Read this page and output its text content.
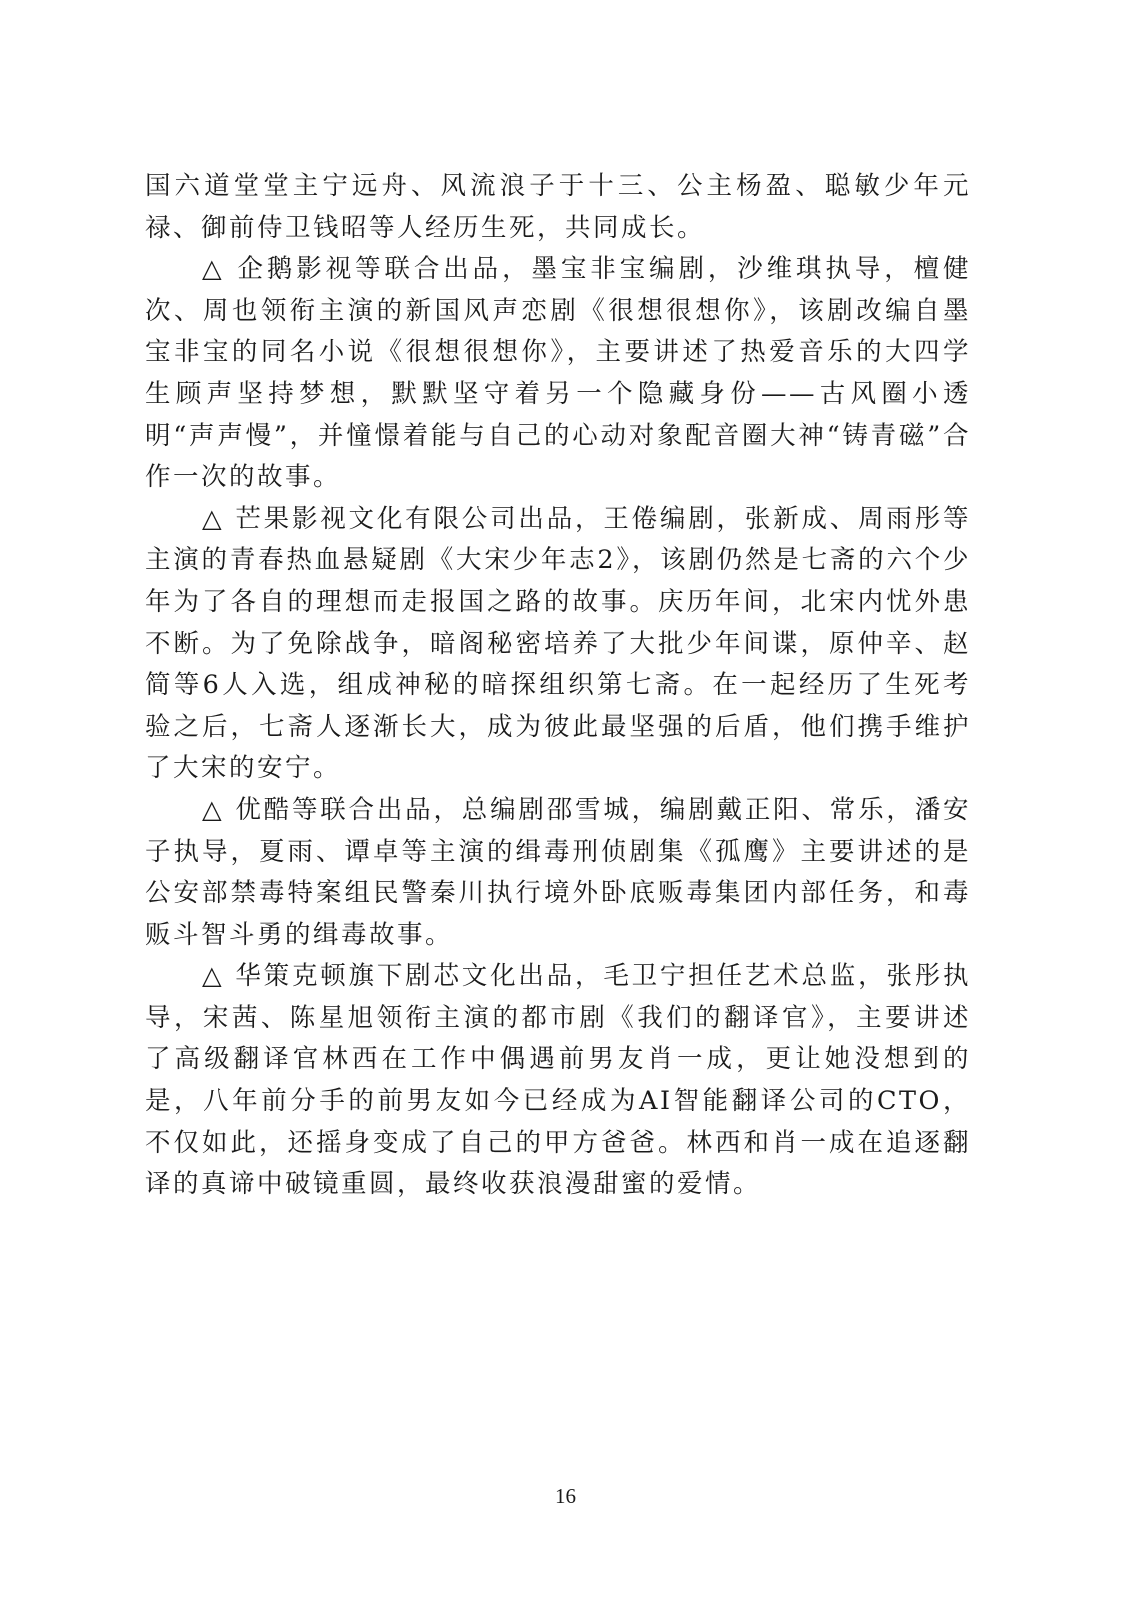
国六道堂堂主宁远舟、风流浪子于十三、公主杨盈、聪敏少年元禄、御前侍卫钱昭等人经历生死，共同成长。

△ 企鹅影视等联合出品，墨宝非宝编剧，沙维琪执导，檀健次、周也领衔主演的新国风声恋剧《很想很想你》，该剧改编自墨宝非宝的同名小说《很想很想你》，主要讲述了热爱音乐的大四学生顾声坚持梦想，默默坚守着另一个隐藏身份——古风圈小透明“声声慢”，并憧憬着能与自己的心动对象配音圈大神“铸青磁”合作一次的故事。

△ 芒果影视文化有限公司出品，王倦编剧，张新成、周雨彤等主演的青春热血悬疑剧《大宋少年志2》，该剧仍然是七斋的六个少年为了各自的理想而走报国之路的故事。庆历年间，北宋内忧外患不断。为了免除战争，暗阁秘密培养了大批少年间谍，原仲辛、赵简等6人入选，组成神秘的暗探组织第七斋。在一起经历了生死考验之后，七斋人逐渐长大，成为彼此最坚强的后盾，他们携手维护了大宋的安宁。

△ 优酷等联合出品，总编剧邵雪城，编剧戴正阳、常乐，潘安子执导，夏雨、谭卓等主演的缉毒刑侦剧集《孤鹰》主要讲述的是公安部禁毒特案组民警秦川执行境外卧底贩毒集团内部任务，和毒贩斗智斗勇的缉毒故事。

△ 华策克顿旗下剧芯文化出品，毛卫宁担任艺术总监，张彤执导，宋茜、陈星旭领衔主演的都市剧《我们的翻译官》，主要讲述了高级翻译官林西在工作中偶遇前男友肖一成，更让她没想到的是，八年前分手的前男友如今已经成为AI智能翻译公司的CTO，不仅如此，还摇身变成了自己的甲方爸爸。林西和肖一成在追逐翻译的真谛中破镜重圆，最终收获浪漫甜蜜的爱情。

16
